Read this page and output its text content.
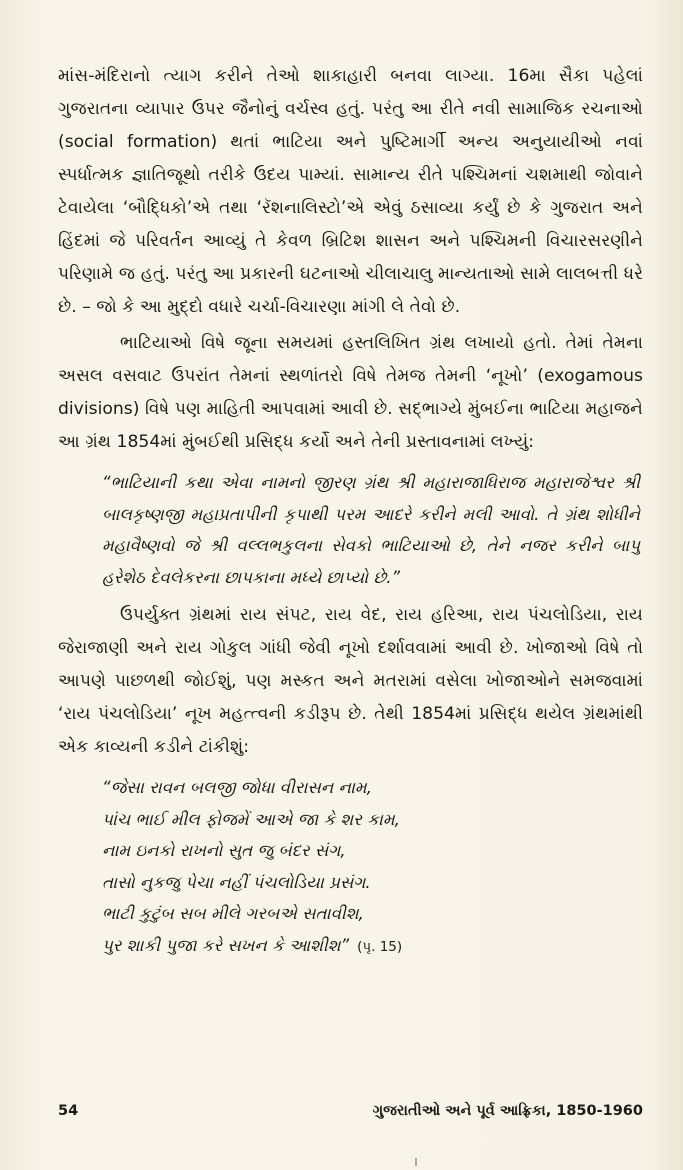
માંસ-મંદિરાનો ત્યાગ કરીને તેઓ શાકાહારી બનવા લાગ્યા. 16મા સૈકા પહેલાં ગુજરાતના વ્યાપાર ઉપર જૈનોનું વર્ચસ્વ હતું. પરંતુ આ રીતે નવી સામાજિક રચનાઓ (social formation) થતાં ભાટિયા અને પુષ્ટિમાર્ગી અન્ય અનુયાયીઓ નવાં સ્પર્ધાત્મક જ્ઞાતિજૂથો તરીકે ઉદય પામ્યાં. સામાન્ય રીતે પશ્ચિમનાં ચશમાથી જોવાને ટેવાયેલા ‘બૌદ્ધિકો’એ તથા ‘રૅશનાલિસ્ટો’એ એવું ઠસાવ્યા કર્યું છે કે ગુજરાત અને હિંદમાં જે પરિવર્તન આવ્યું તે કેવળ બ્રિટિશ શાસન અને પશ્ચિમની વિચારસરણીને પરિણામે જ હતું. પરંતુ આ પ્રકારની ઘટનાઓ ચીલાચાલુ માન્યતાઓ સામે લાલબત્તી ધરે છે. – જો કે આ મુદ્દો વધારે ચર્ચા-વિચારણા માંગી લે તેવો છે.

ભાટિયાઓ વિષે જૂના સમયમાં હસ્તલિખિત ગ્રંથ લખાયો હતો. તેમાં તેમના અસલ વસવાટ ઉપરાંત તેમનાં સ્થળાંતરો વિષે તેમજ તેમની ‘નૂખો’ (exogamous divisions) વિષે પણ માહિતી આપવામાં આવી છે. સદ્‌ભાગ્યે મુંબઈના ભાટિયા મહાજને આ ગ્રંથ 1854માં મુંબઈથી પ્રસિદ્ધ કર્યો અને તેની પ્રસ્તાવનામાં લખ્યું:

“ભાટિયાની કથા એવા નામનો જીરણ ગ્રંથ શ્રી મહારાજાધિરાજ મહારાજેશ્વર શ્રી બાલકૃષ્ણજી મહાપ્રતાપીની કૃપાથી પરમ આદરે કરીને મલી આવો. તે ગ્રંથ શોધીને મહાવૈષ્ણવો જે શ્રી વલ્લભકુલના સેવકો ભાટિયાઓ છે, તેને નજર કરીને બાપુ હરેશેઠ દેવલેકરના છાપકાના મધ્યે છાપ્યો છે.”

ઉપર્યુક્ત ગ્રંથમાં રાય સંપટ, રાય વેદ, રાય હરિઆ, રાય પંચલોડિયા, રાય જેરાજાણી અને રાય ગોકુલ ગાંધી જેવી નૂખો દર્શાવવામાં આવી છે. ખોજાઓ વિષે તો આપણે પાછળથી જોઈશું, પણ મસ્કત અને મતરામાં વસેલા ખોજાઓને સમજવામાં ‘રાય પંચલોડિયા’ નૂખ મહત્ત્વની કડીરૂપ છે. તેથી 1854માં પ્રસિદ્ધ થયેલ ગ્રંથમાંથી એક કાવ્યની કડીને ટાંકીશું:

“જેસા રાવન બલજી જોધા વીરાસન નામ,
પાંચ ભાઈ મીલ ફોજમેં આએ જા કે શર કામ,
નામ ઇનકો રાખનો સુત જુ બંદર સંગ,
તાસો નુકજુ પેચા નહીં પંચલોડિયા પ્રસંગ.
ભાટી કુટુંબ સબ મીલે ગરબએ સતાવીશ,
પુર શાકી પુજા કરે સખન કે આશીશ” (પૃ. 15)
54	ગુજરાતીઓ અને પૂર્વ આફ્રિકા, 1850-1960
